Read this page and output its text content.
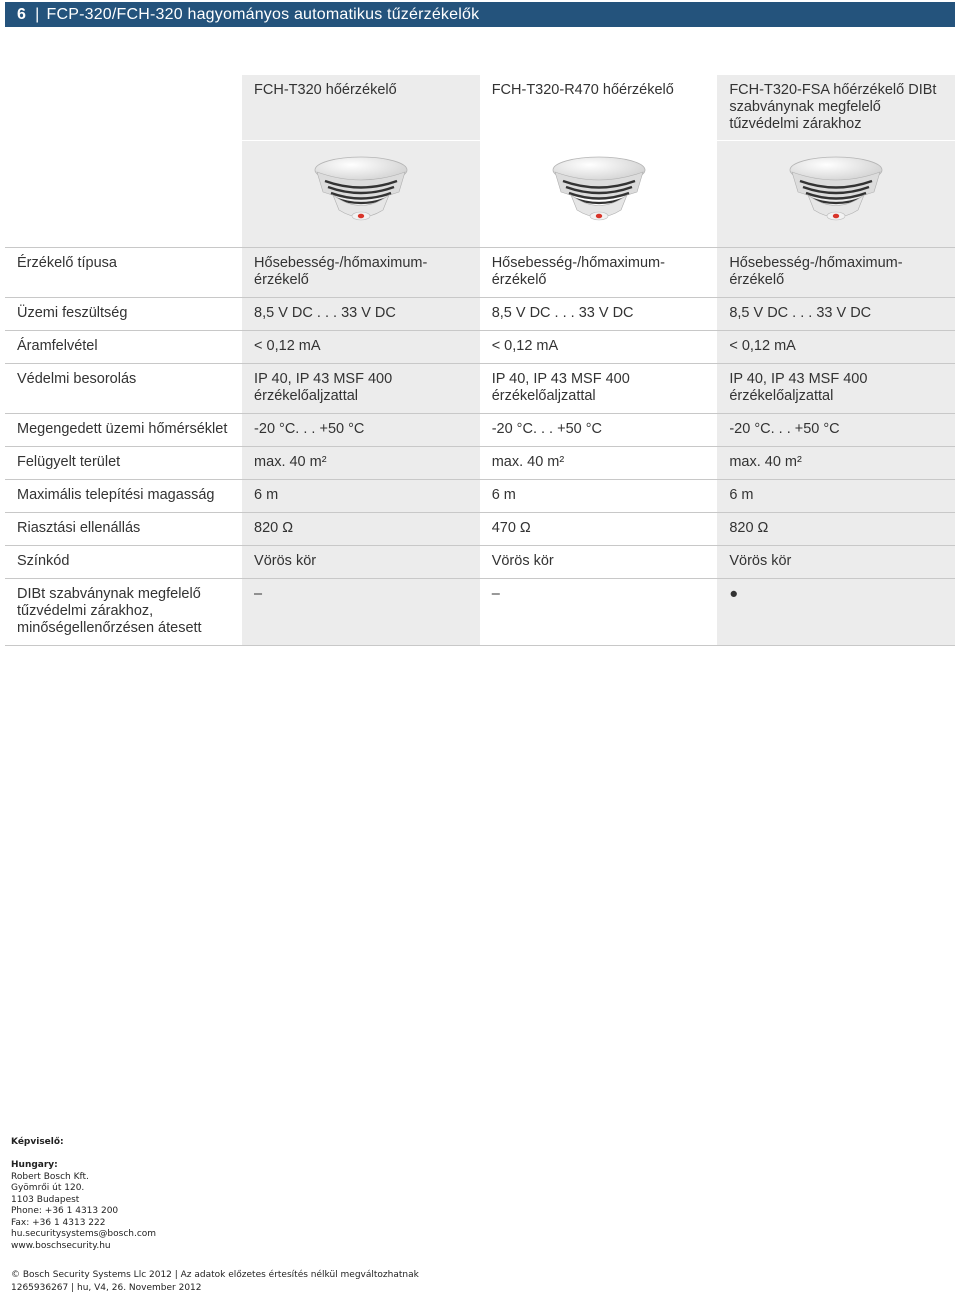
6 | FCP-320/FCH-320 hagyományos automatikus tűzérzékelők
	FCH-T320 hőérzékelő	FCH-T320-R470 hőérzékelő	FCH-T320-FSA hőérzékelő DIBt szabványnak megfelelő tűzvédelmi zárakhoz

Érzékelő típusa	Hősebesség-/hőmaximum-érzékelő	Hősebesség-/hőmaximum-érzékelő	Hősebesség-/hőmaximum-érzékelő
Üzemi feszültség	8,5 V DC . . . 33 V DC	8,5 V DC . . . 33 V DC	8,5 V DC . . . 33 V DC
Áramfelvétel	< 0,12 mA	< 0,12 mA	< 0,12 mA
Védelmi besorolás	IP 40, IP 43 MSF 400 érzékelőaljzattal	IP 40, IP 43 MSF 400 érzékelőaljzattal	IP 40, IP 43 MSF 400 érzékelőaljzattal
Megengedett üzemi hőmérséklet	-20 °C. . . +50 °C	-20 °C. . . +50 °C	-20 °C. . . +50 °C
Felügyelt terület	max. 40 m²	max. 40 m²	max. 40 m²
Maximális telepítési magasság	6 m	6 m	6 m
Riasztási ellenállás	820 Ω	470 Ω	820 Ω
Színkód	Vörös kör	Vörös kör	Vörös kör
DIBt szabványnak megfelelő tűzvédelmi zárakhoz, minőségellenőrzésen átesett	–	–	●
Képviselő:
Hungary:
Robert Bosch Kft.
Gyömrői út 120.
1103 Budapest
Phone: +36 1 4313 200
Fax: +36 1 4313 222
hu.securitysystems@bosch.com
www.boschsecurity.hu
© Bosch Security Systems Llc 2012 | Az adatok előzetes értesítés nélkül megváltozhatnak
1265936267 | hu, V4, 26. November 2012
